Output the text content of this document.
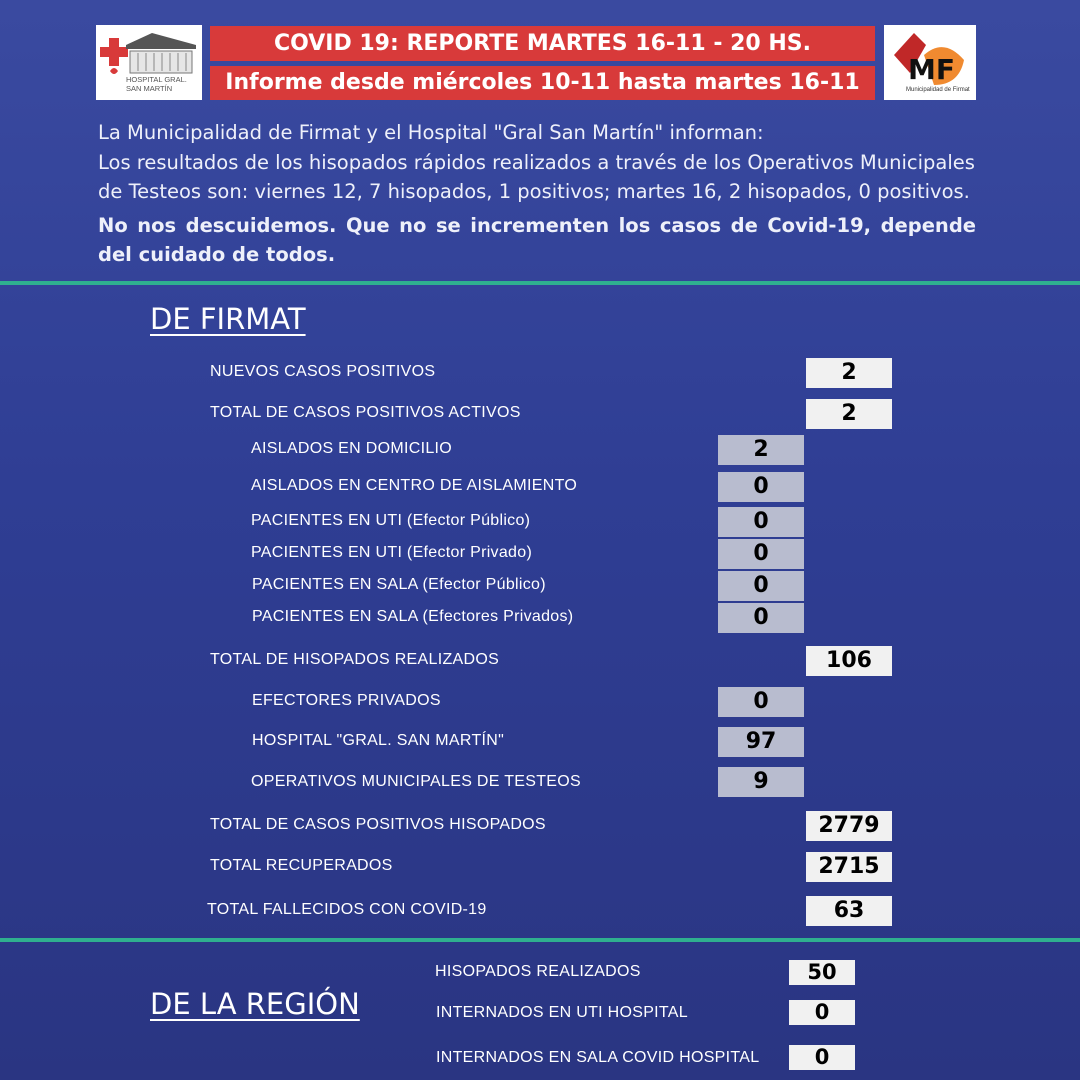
HOSPITAL GRAL. SAN MARTÍN
MF
Municipalidad de Firmat
COVID 19: REPORTE MARTES 16-11 - 20 HS.
Informe desde miércoles 10-11 hasta martes 16-11
La Municipalidad de Firmat y el Hospital "Gral San Martín" informan:
Los resultados de los hisopados rápidos realizados a través de los Operativos Municipales de Testeos son: viernes 12, 7 hisopados, 1 positivos; martes 16, 2 hisopados, 0 positivos.
No nos descuidemos. Que no se incrementen los casos de Covid-19, depende del cuidado de todos.
DE FIRMAT
NUEVOS CASOS POSITIVOS	2
TOTAL DE CASOS POSITIVOS ACTIVOS	2
AISLADOS EN DOMICILIO	2
AISLADOS EN CENTRO DE AISLAMIENTO	0
PACIENTES EN UTI (Efector Público)	0
PACIENTES EN UTI (Efector Privado)	0
PACIENTES EN SALA (Efector Público)	0
PACIENTES EN SALA (Efectores Privados)	0
TOTAL DE HISOPADOS REALIZADOS	106
EFECTORES PRIVADOS	0
HOSPITAL "GRAL. SAN MARTÍN"	97
OPERATIVOS MUNICIPALES DE TESTEOS	9
TOTAL DE CASOS POSITIVOS HISOPADOS	2779
TOTAL RECUPERADOS	2715
TOTAL FALLECIDOS CON COVID-19	63
DE LA REGIÓN
HISOPADOS REALIZADOS	50
INTERNADOS EN UTI HOSPITAL	0
INTERNADOS EN SALA COVID HOSPITAL	0
